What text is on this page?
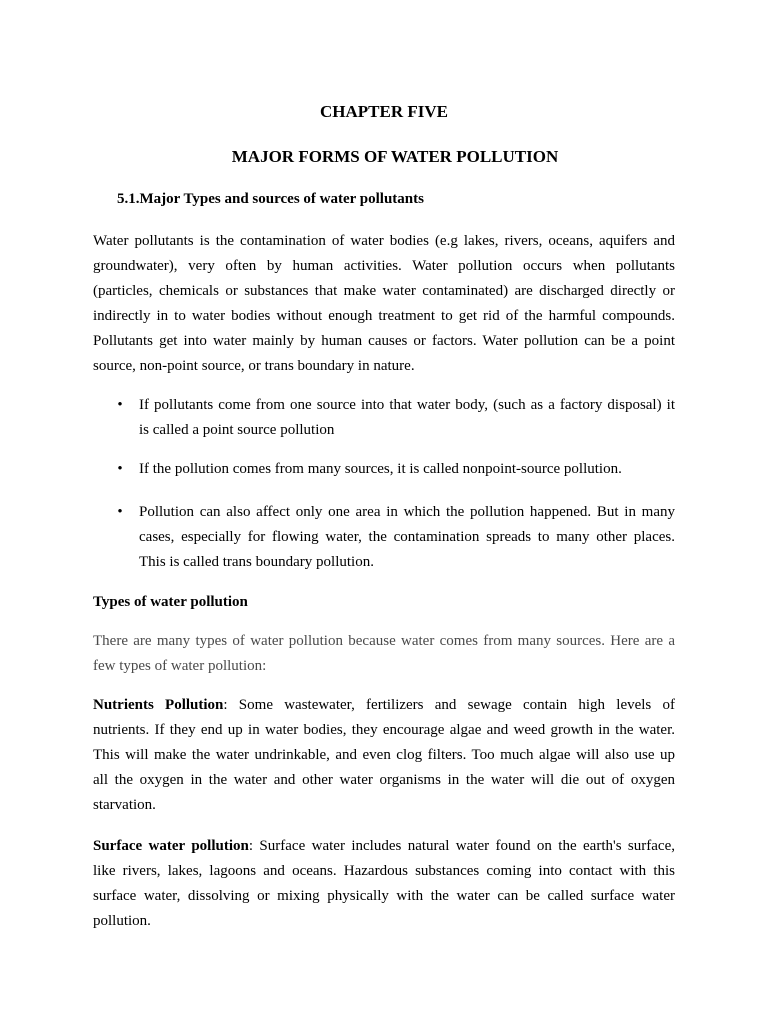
CHAPTER FIVE
MAJOR FORMS OF WATER POLLUTION
5.1.Major Types and sources of water pollutants
Water pollutants is the contamination of water bodies (e.g lakes, rivers, oceans, aquifers and
groundwater), very often by human activities. Water pollution occurs when pollutants
(particles, chemicals or substances that make water contaminated) are discharged directly or
indirectly in to water bodies without enough treatment to get rid of the harmful compounds.
Pollutants get into water mainly by human causes or factors. Water pollution can be a point
source, non-point source, or trans boundary in nature.
• If pollutants come from one source into that water body, (such as a factory disposal) it
is called a point source pollution
• If the pollution comes from many sources, it is called nonpoint-source pollution.
• Pollution can also affect only one area in which the pollution happened. But in many
cases, especially for flowing water, the contamination spreads to many other places.
This is called trans boundary pollution.
Types of water pollution
There are many types of water pollution because water comes from many sources. Here are a
few types of water pollution:
Nutrients Pollution: Some wastewater, fertilizers and sewage contain high levels of
nutrients. If they end up in water bodies, they encourage algae and weed growth in the water.
This will make the water undrinkable, and even clog filters. Too much algae will also use up
all the oxygen in the water and other water organisms in the water will die out of oxygen
starvation.
Surface water pollution: Surface water includes natural water found on the earth's surface,
like rivers, lakes, lagoons and oceans. Hazardous substances coming into contact with this
surface water, dissolving or mixing physically with the water can be called surface water
pollution.
